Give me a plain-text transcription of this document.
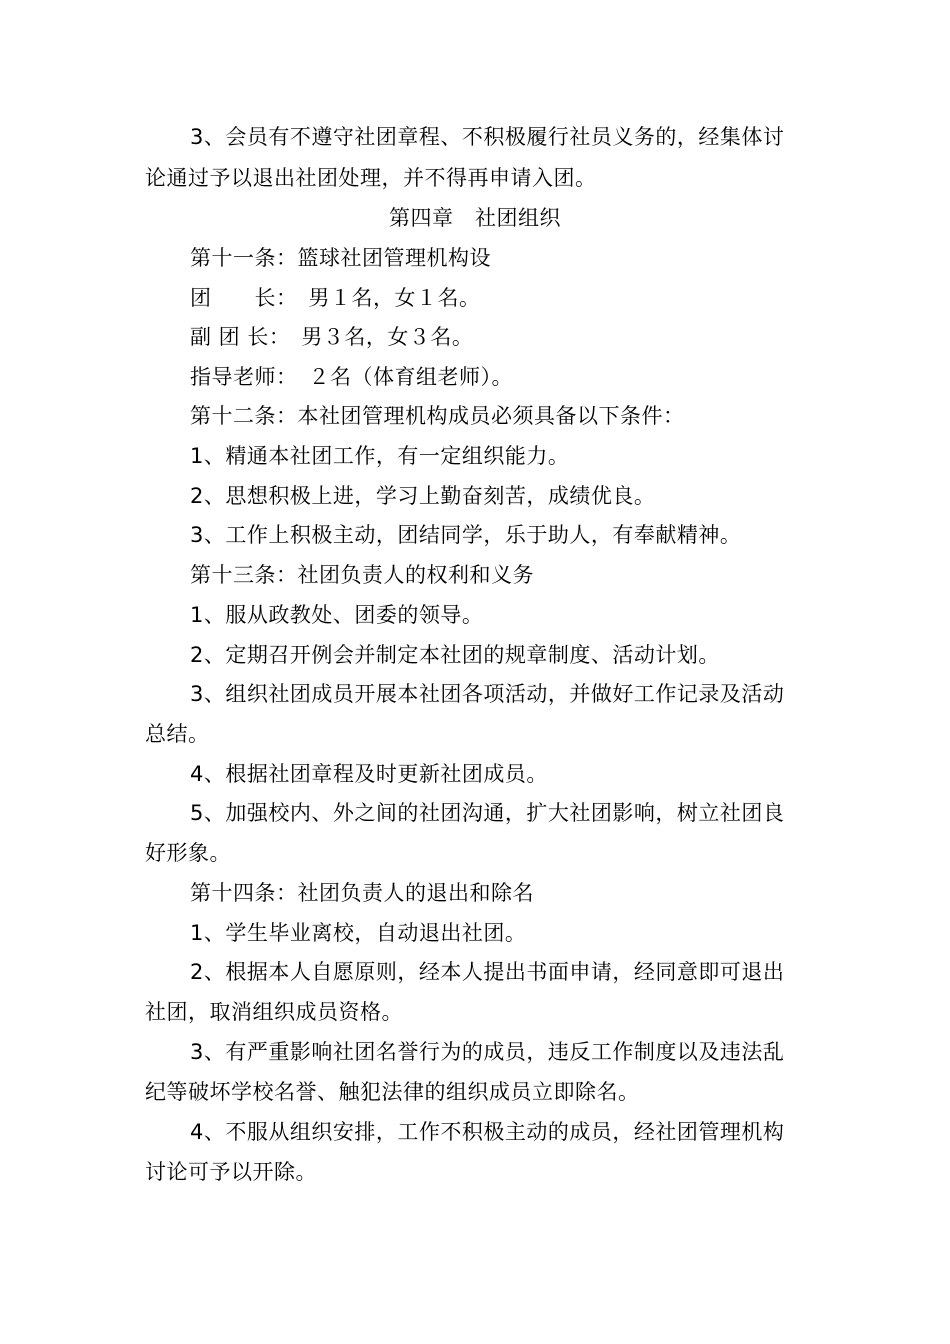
3、会员有不遵守社团章程、不积极履行社员义务的，经集体讨
论通过予以退出社团处理，并不得再申请入团。
第四章　社团组织
第十一条：篮球社团管理机构设
团　　长：　男１名，女１名。
副 团 长：　男３名，女３名。
指导老师：　２名（体育组老师）。
第十二条：本社团管理机构成员必须具备以下条件：
1、精通本社团工作，有一定组织能力。
2、思想积极上进，学习上勤奋刻苦，成绩优良。
3、工作上积极主动，团结同学，乐于助人，有奉献精神。
第十三条：社团负责人的权利和义务
1、服从政教处、团委的领导。
2、定期召开例会并制定本社团的规章制度、活动计划。
3、组织社团成员开展本社团各项活动，并做好工作记录及活动
总结。
4、根据社团章程及时更新社团成员。
5、加强校内、外之间的社团沟通，扩大社团影响，树立社团良
好形象。
第十四条：社团负责人的退出和除名
1、学生毕业离校，自动退出社团。
2、根据本人自愿原则，经本人提出书面申请，经同意即可退出
社团，取消组织成员资格。
3、有严重影响社团名誉行为的成员，违反工作制度以及违法乱
纪等破坏学校名誉、触犯法律的组织成员立即除名。
4、不服从组织安排，工作不积极主动的成员，经社团管理机构
讨论可予以开除。
